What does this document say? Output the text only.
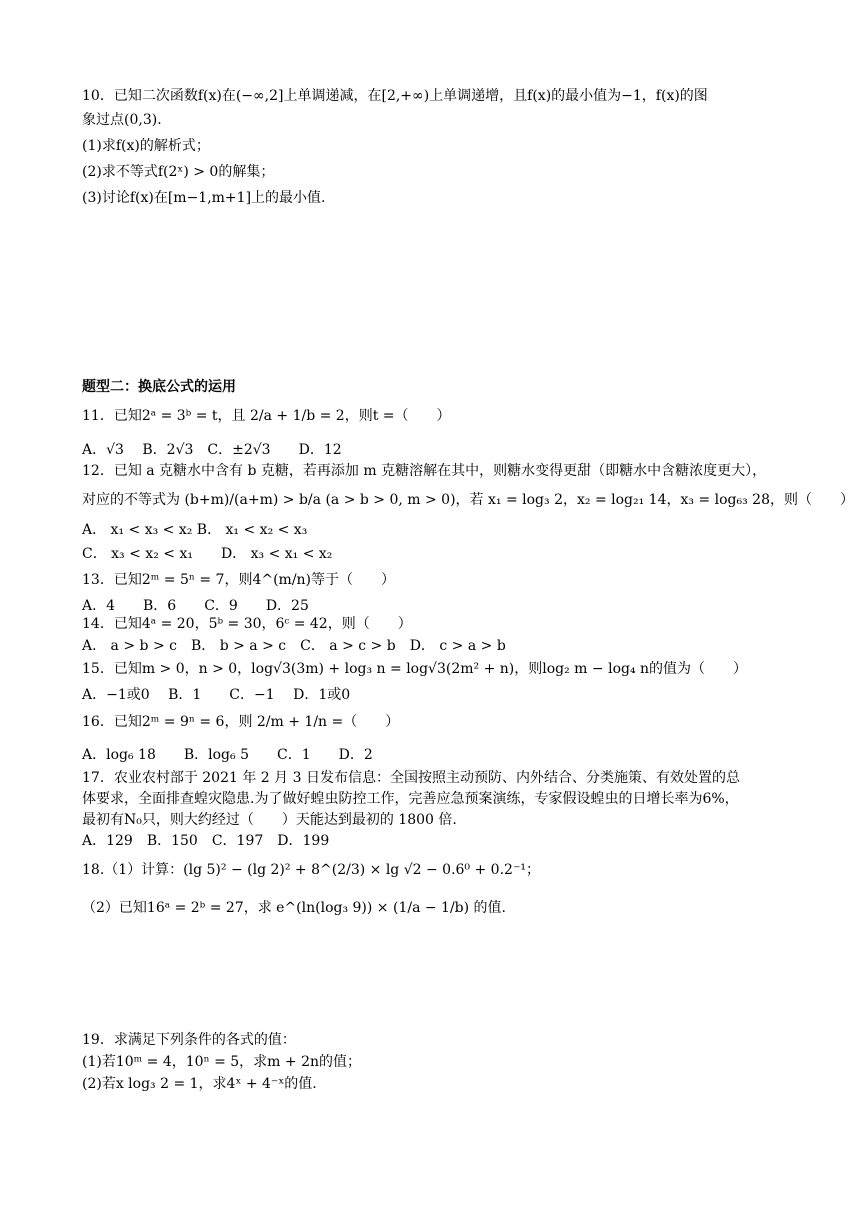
10．已知二次函数f(x)在(−∞,2]上单调递减，在[2,+∞)上单调递增，且f(x)的最小值为−1，f(x)的图
象过点(0,3).
(1)求f(x)的解析式；
(2)求不等式f(2ˣ) > 0的解集；
(3)讨论f(x)在[m−1,m+1]上的最小值.
题型二：换底公式的运用
11．已知2ᵃ = 3ᵇ = t，且 2/a + 1/b = 2，则t =（　　）
A．√3　 B．2√3　C．±2√3　　D．12
12．已知 a 克糖水中含有 b 克糖，若再添加 m 克糖溶解在其中，则糖水变得更甜（即糖水中含糖浓度更大），
对应的不等式为 (b+m)/(a+m) > b/a (a > b > 0, m > 0)，若 x₁ = log₃ 2，x₂ = log₂₁ 14，x₃ = log₆₃ 28，则（　　）
A． x₁ < x₃ < x₂ B． x₁ < x₂ < x₃
C． x₃ < x₂ < x₁　　D． x₃ < x₁ < x₂
13．已知2ᵐ = 5ⁿ = 7，则4^(m/n)等于（　　）
A．4　　B．6　　C．9　　D．25
14．已知4ᵃ = 20，5ᵇ = 30，6ᶜ = 42，则（　　）
A． a > b > c　B． b > a > c　C． a > c > b　D． c > a > b
15．已知m > 0，n > 0，log√3(3m) + log₃ n = log√3(2m² + n)，则log₂ m − log₄ n的值为（　　）
A．−1或0　 B．1　　C．−1　 D．1或0
16．已知2ᵐ = 9ⁿ = 6，则 2/m + 1/n =（　　）
A．log₆ 18　　B．log₆ 5　　C．1　　D．2
17．农业农村部于 2021 年 2 月 3 日发布信息：全国按照主动预防、内外结合、分类施策、有效处置的总
体要求，全面排查蝗灾隐患.为了做好蝗虫防控工作，完善应急预案演练，专家假设蝗虫的日增长率为6%，
最初有N₀只，则大约经过（　　）天能达到最初的 1800 倍.
A．129　B．150　C．197　D．199
18.（1）计算：(lg 5)² − (lg 2)² + 8^(2/3) × lg √2 − 0.6⁰ + 0.2⁻¹；
（2）已知16ᵃ = 2ᵇ = 27，求 e^(ln(log₃ 9)) × (1/a − 1/b) 的值.
19．求满足下列条件的各式的值：
(1)若10ᵐ = 4，10ⁿ = 5，求m + 2n的值；
(2)若x log₃ 2 = 1，求4ˣ + 4⁻ˣ的值.
